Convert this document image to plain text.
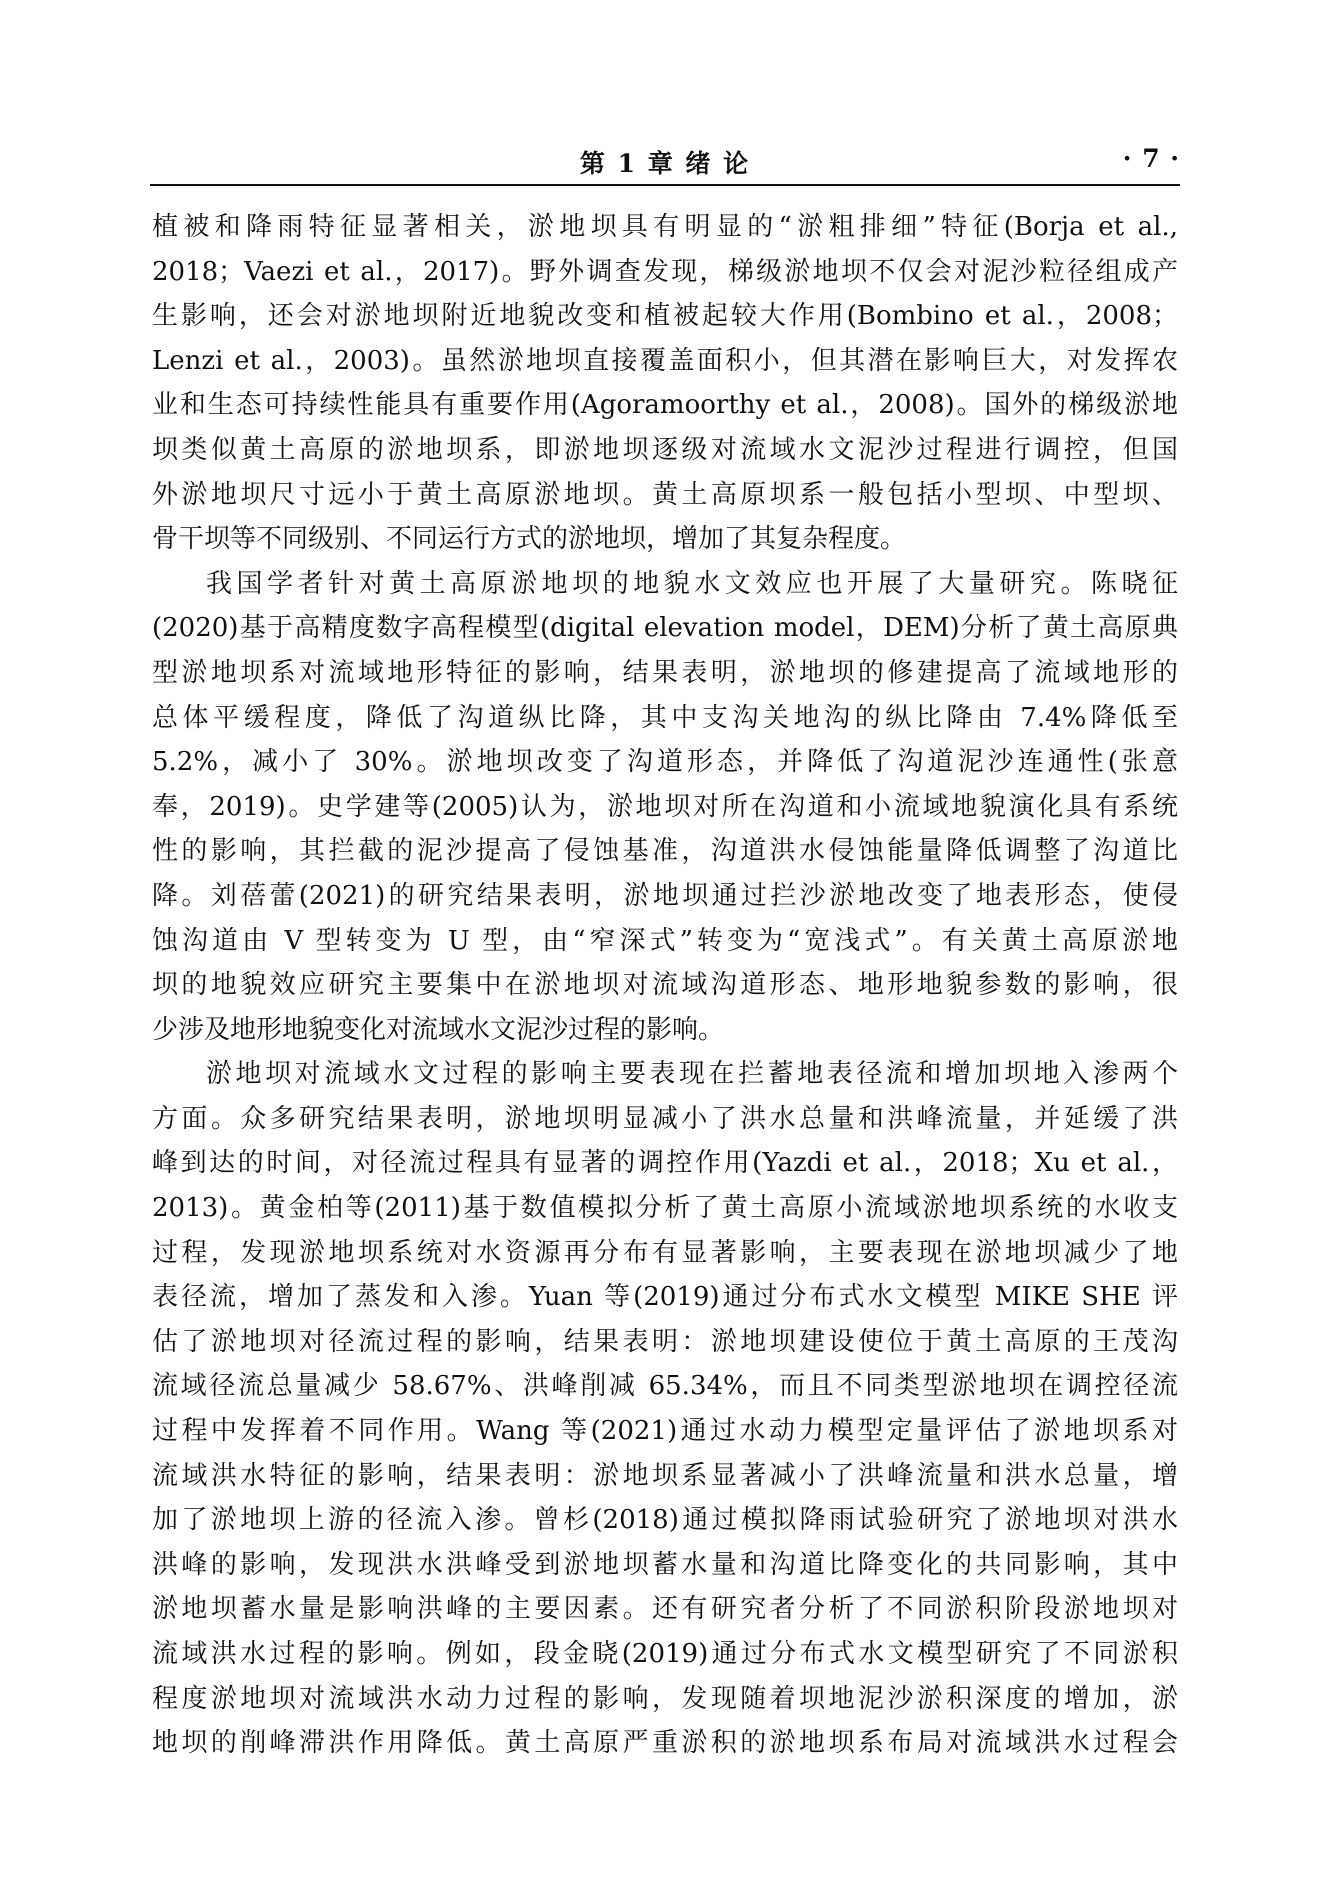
第 1 章 绪 论	· 7 ·
植被和降雨特征显著相关，淤地坝具有明显的“淤粗排细”特征(Borja et al.,
2018；Vaezi et al.，2017)。野外调查发现，梯级淤地坝不仅会对泥沙粒径组成产
生影响，还会对淤地坝附近地貌改变和植被起较大作用(Bombino et al.，2008；
Lenzi et al.，2003)。虽然淤地坝直接覆盖面积小，但其潜在影响巨大，对发挥农
业和生态可持续性能具有重要作用(Agoramoorthy et al.，2008)。国外的梯级淤地
坝类似黄土高原的淤地坝系，即淤地坝逐级对流域水文泥沙过程进行调控，但国
外淤地坝尺寸远小于黄土高原淤地坝。黄土高原坝系一般包括小型坝、中型坝、
骨干坝等不同级别、不同运行方式的淤地坝，增加了其复杂程度。
我国学者针对黄土高原淤地坝的地貌水文效应也开展了大量研究。陈晓征
(2020)基于高精度数字高程模型(digital elevation model，DEM)分析了黄土高原典
型淤地坝系对流域地形特征的影响，结果表明，淤地坝的修建提高了流域地形的
总体平缓程度，降低了沟道纵比降，其中支沟关地沟的纵比降由 7.4%降低至
5.2%，减小了 30%。淤地坝改变了沟道形态，并降低了沟道泥沙连通性(张意
奉，2019)。史学建等(2005)认为，淤地坝对所在沟道和小流域地貌演化具有系统
性的影响，其拦截的泥沙提高了侵蚀基准，沟道洪水侵蚀能量降低调整了沟道比
降。刘蓓蕾(2021)的研究结果表明，淤地坝通过拦沙淤地改变了地表形态，使侵
蚀沟道由 V 型转变为 U 型，由“窄深式”转变为“宽浅式”。有关黄土高原淤地
坝的地貌效应研究主要集中在淤地坝对流域沟道形态、地形地貌参数的影响，很
少涉及地形地貌变化对流域水文泥沙过程的影响。
淤地坝对流域水文过程的影响主要表现在拦蓄地表径流和增加坝地入渗两个
方面。众多研究结果表明，淤地坝明显减小了洪水总量和洪峰流量，并延缓了洪
峰到达的时间，对径流过程具有显著的调控作用(Yazdi et al.，2018；Xu et al.，
2013)。黄金柏等(2011)基于数值模拟分析了黄土高原小流域淤地坝系统的水收支
过程，发现淤地坝系统对水资源再分布有显著影响，主要表现在淤地坝减少了地
表径流，增加了蒸发和入渗。Yuan 等(2019)通过分布式水文模型 MIKE SHE 评
估了淤地坝对径流过程的影响，结果表明：淤地坝建设使位于黄土高原的王茂沟
流域径流总量减少 58.67%、洪峰削减 65.34%，而且不同类型淤地坝在调控径流
过程中发挥着不同作用。Wang 等(2021)通过水动力模型定量评估了淤地坝系对
流域洪水特征的影响，结果表明：淤地坝系显著减小了洪峰流量和洪水总量，增
加了淤地坝上游的径流入渗。曾杉(2018)通过模拟降雨试验研究了淤地坝对洪水
洪峰的影响，发现洪水洪峰受到淤地坝蓄水量和沟道比降变化的共同影响，其中
淤地坝蓄水量是影响洪峰的主要因素。还有研究者分析了不同淤积阶段淤地坝对
流域洪水过程的影响。例如，段金晓(2019)通过分布式水文模型研究了不同淤积
程度淤地坝对流域洪水动力过程的影响，发现随着坝地泥沙淤积深度的增加，淤
地坝的削峰滞洪作用降低。黄土高原严重淤积的淤地坝系布局对流域洪水过程会
